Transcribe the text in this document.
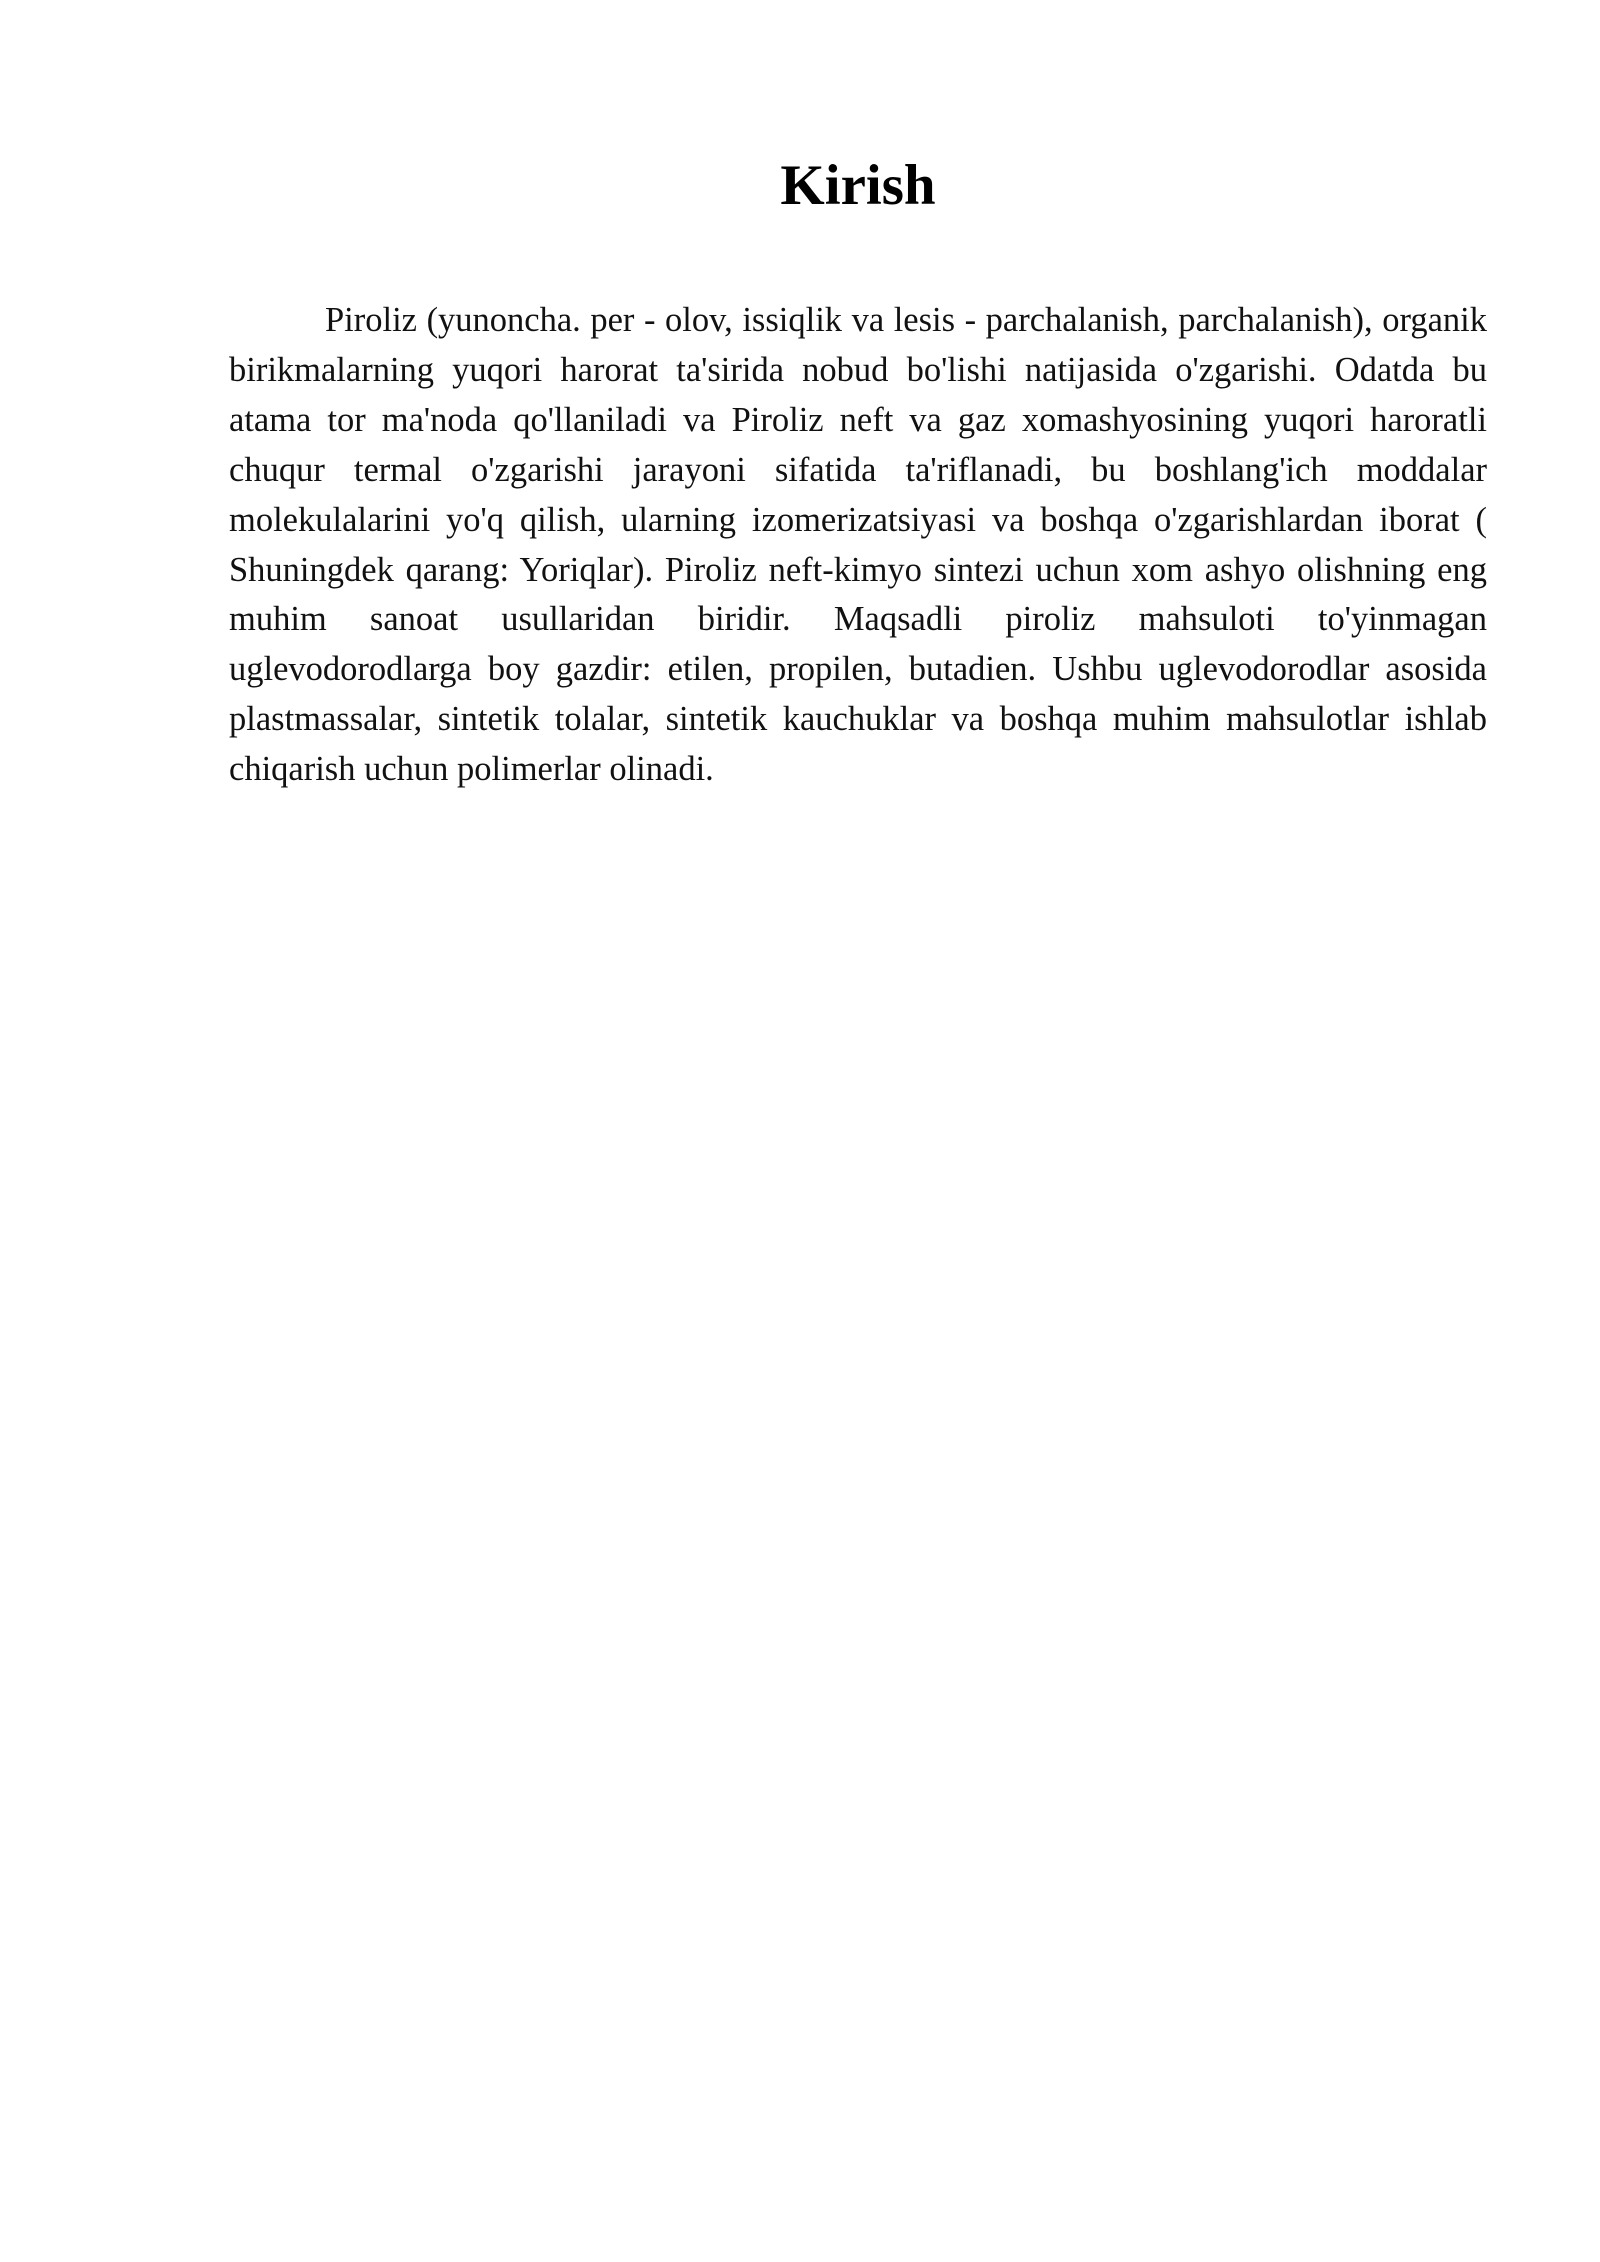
Kirish

Piroliz (yunoncha. per - olov, issiqlik va lesis - parchalanish, parchalanish), organik birikmalarning yuqori harorat ta'sirida nobud bo'lishi natijasida o'zgarishi. Odatda bu atama tor ma'noda qo'llaniladi va Piroliz neft va gaz xomashyosining yuqori haroratli chuqur termal o'zgarishi jarayoni sifatida ta'riflanadi, bu boshlang'ich moddalar molekulalarini yo'q qilish, ularning izomerizatsiyasi va boshqa o'zgarishlardan iborat ( Shuningdek qarang: Yoriqlar). Piroliz neft-kimyo sintezi uchun xom ashyo olishning eng muhim sanoat usullaridan biridir. Maqsadli piroliz mahsuloti to'yinmagan uglevodorodlarga boy gazdir: etilen, propilen, butadien. Ushbu uglevodorodlar asosida plastmassalar, sintetik tolalar, sintetik kauchuklar va boshqa muhim mahsulotlar ishlab chiqarish uchun polimerlar olinadi.
